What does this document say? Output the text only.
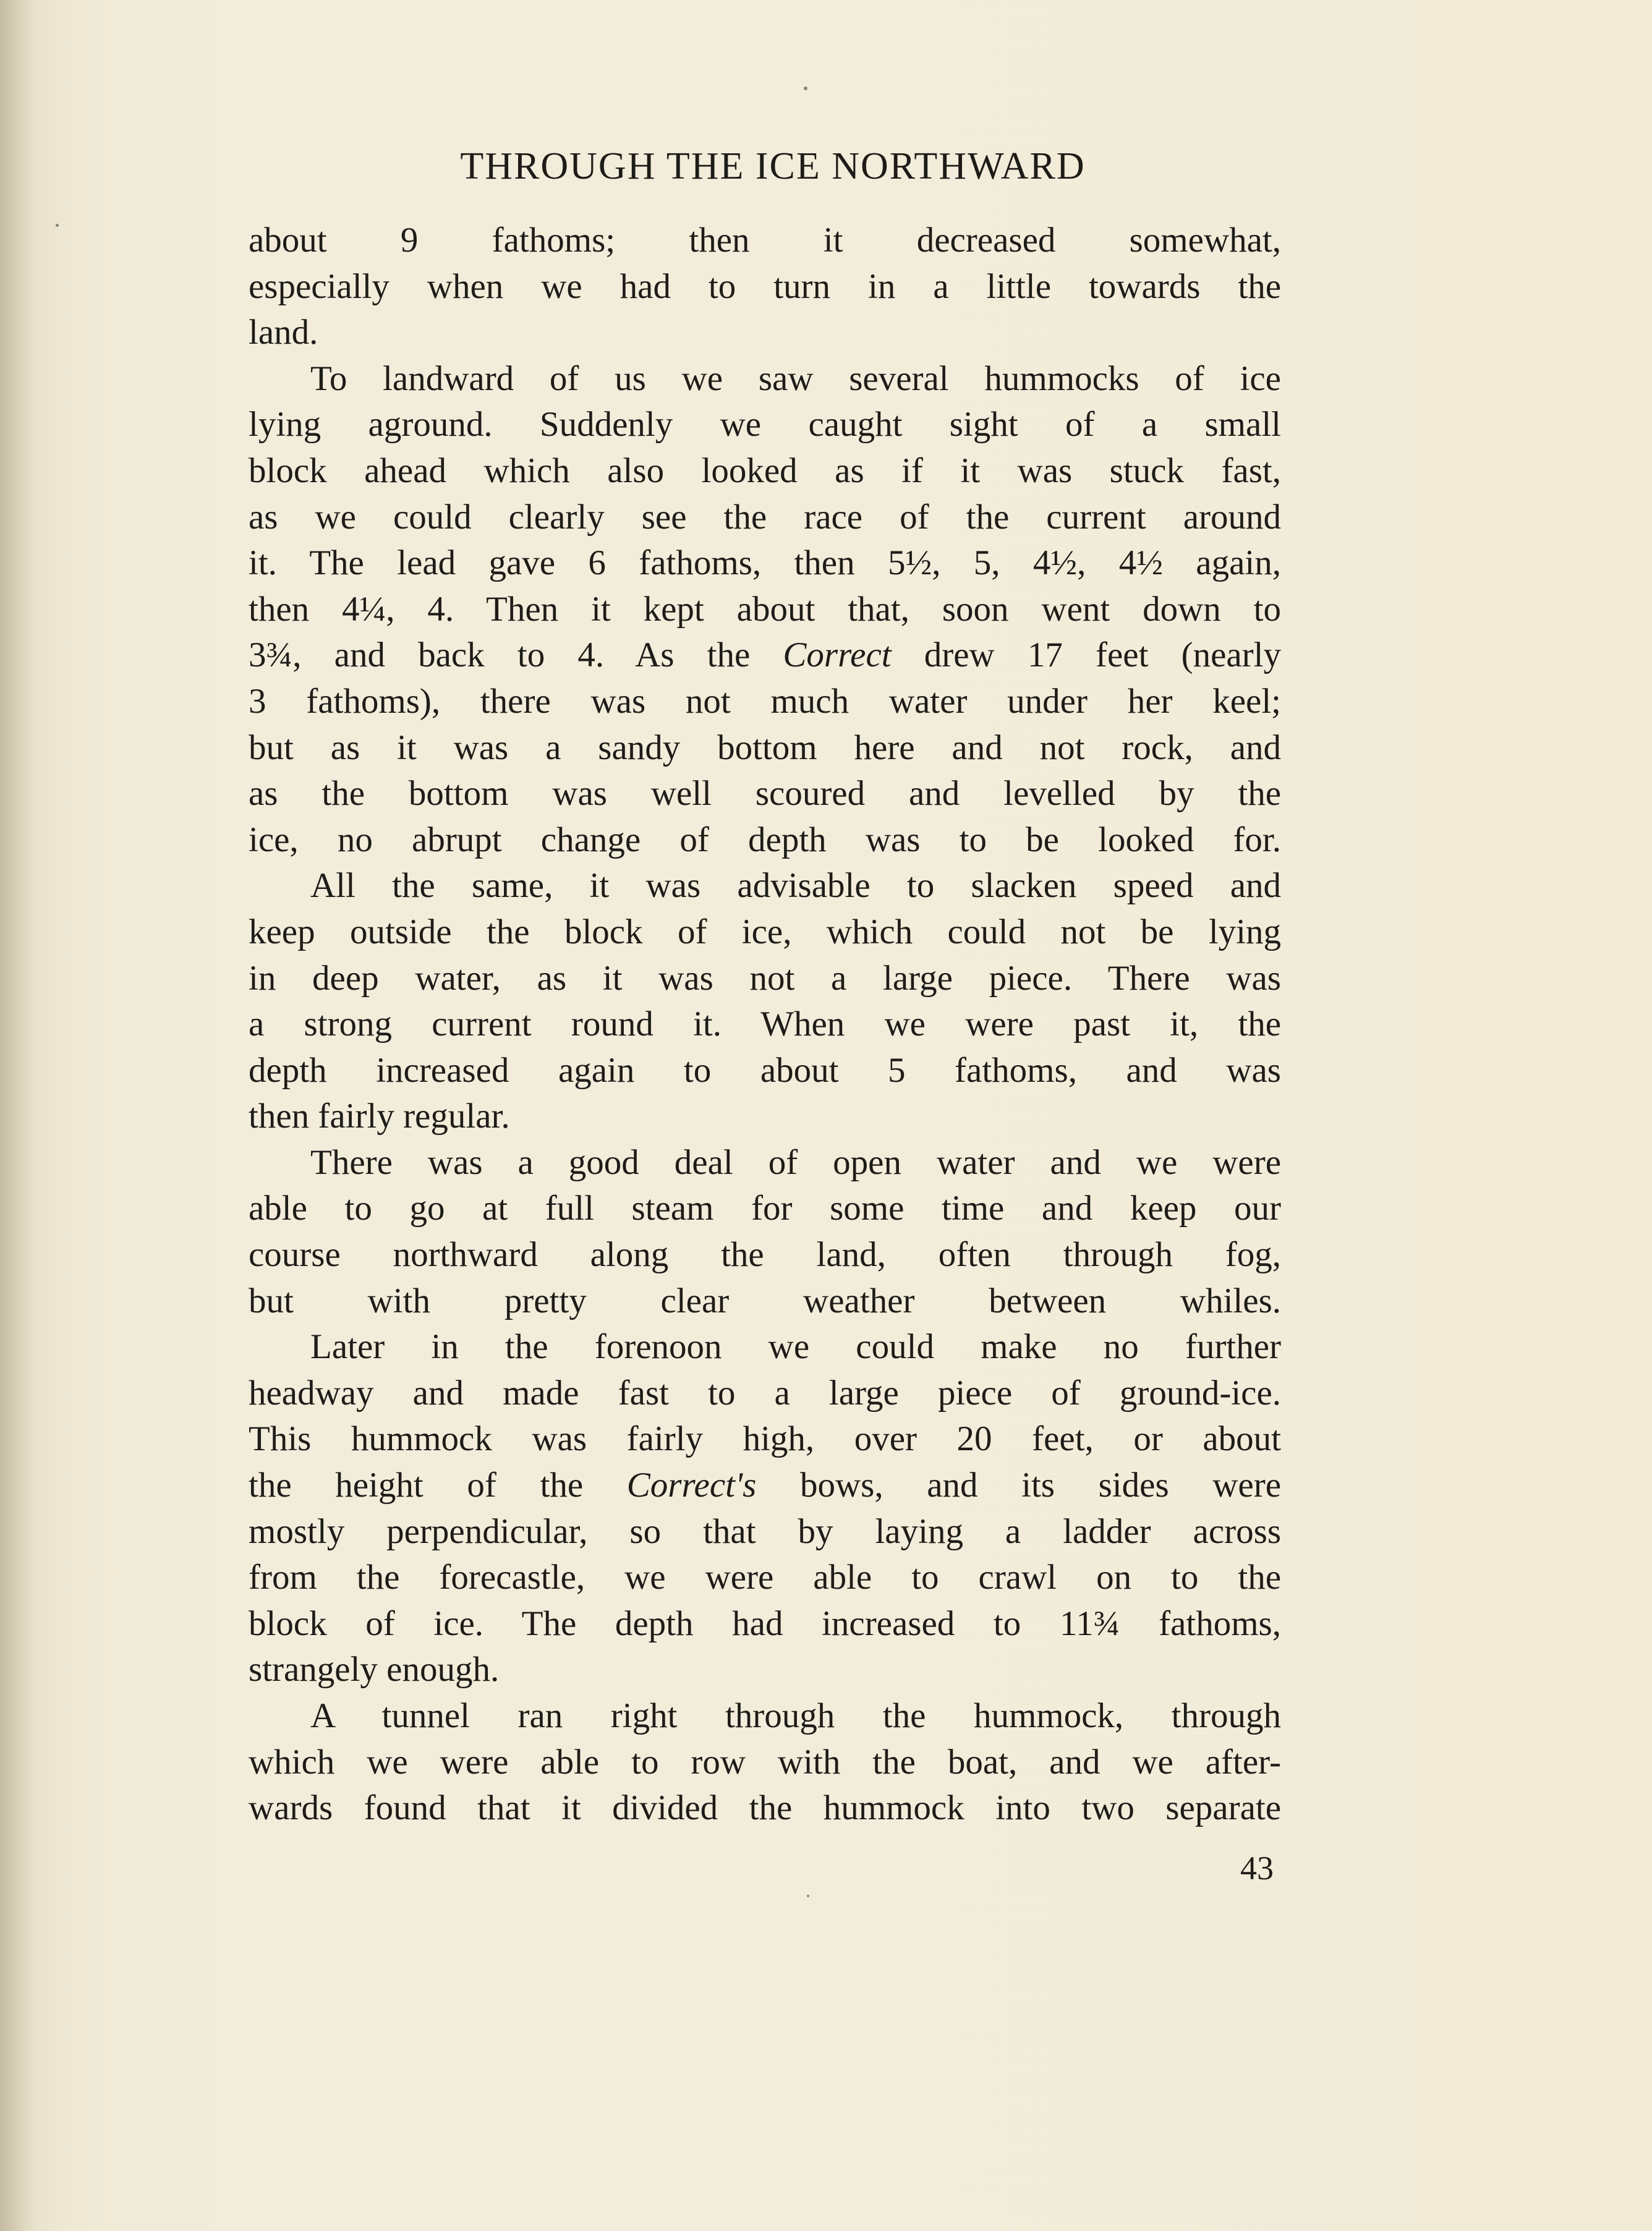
THROUGH THE ICE NORTHWARD
about 9 fathoms; then it decreased somewhat,
especially when we had to turn in a little towards the
land.
To landward of us we saw several hummocks of ice
lying aground. Suddenly we caught sight of a small
block ahead which also looked as if it was stuck fast,
as we could clearly see the race of the current around
it. The lead gave 6 fathoms, then 5½, 5, 4½, 4½ again,
then 4¼, 4. Then it kept about that, soon went down to
3¾, and back to 4. As the Correct drew 17 feet (nearly
3 fathoms), there was not much water under her keel;
but as it was a sandy bottom here and not rock, and
as the bottom was well scoured and levelled by the
ice, no abrupt change of depth was to be looked for.
All the same, it was advisable to slacken speed and
keep outside the block of ice, which could not be lying
in deep water, as it was not a large piece. There was
a strong current round it. When we were past it, the
depth increased again to about 5 fathoms, and was
then fairly regular.
There was a good deal of open water and we were
able to go at full steam for some time and keep our
course northward along the land, often through fog,
but with pretty clear weather between whiles.
Later in the forenoon we could make no further
headway and made fast to a large piece of ground-ice.
This hummock was fairly high, over 20 feet, or about
the height of the Correct's bows, and its sides were
mostly perpendicular, so that by laying a ladder across
from the forecastle, we were able to crawl on to the
block of ice. The depth had increased to 11¾ fathoms,
strangely enough.
A tunnel ran right through the hummock, through
which we were able to row with the boat, and we after-
wards found that it divided the hummock into two separate
43
